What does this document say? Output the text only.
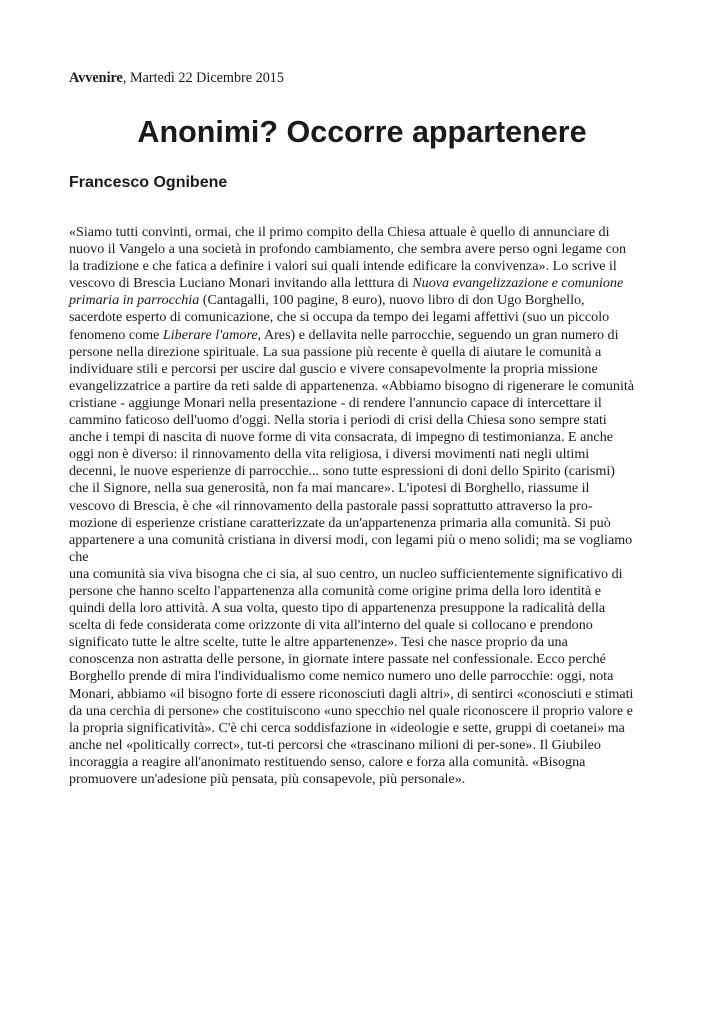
Avvenire, Martedì 22 Dicembre 2015
Anonimi? Occorre appartenere
Francesco Ognibene
«Siamo tutti convinti, ormai, che il primo compito della Chiesa attuale è quello di annunciare di
nuovo il Vangelo a una società in profondo cambiamento, che sembra avere perso ogni legame con
la tradizione e che fatica a definire i valori sui quali intende edificare la convivenza». Lo scrive il
vescovo di Brescia Luciano Monari invitando alla letttura di Nuova evangelizzazione e comunione
primaria in parrocchia (Cantagalli, 100 pagine, 8 euro), nuovo libro di don Ugo Borghello,
sacerdote esperto di comunicazione, che si occupa da tempo dei legami affettivi (suo un piccolo
fenomeno come Liberare l'amore, Ares) e dellavita nelle parrocchie, seguendo un gran numero di
persone nella direzione spirituale. La sua passione più recente è quella di aiutare le comunità a
individuare stili e percorsi per uscire dal guscio e vivere consapevolmente la propria missione
evangelizzatrice a partire da reti salde di appartenenza. «Abbiamo bisogno di rigenerare le comunità
cristiane - aggiunge Monari nella presentazione - di rendere l'annuncio capace di intercettare il
cammino faticoso dell'uomo d'oggi. Nella storia i periodi di crisi della Chiesa sono sempre stati
anche i tempi di nascita di nuove forme di vita consacrata, di impegno di testimonianza. E anche
oggi non è diverso: il rinnovamento della vita religiosa, i diversi movimenti nati negli ultimi
decenni, le nuove esperienze di parrocchie... sono tutte espressioni di doni dello Spirito (carismi)
che il Signore, nella sua generosità, non fa mai mancare». L'ipotesi di Borghello, riassume il
vescovo di Brescia, è che «il rinnovamento della pastorale passi soprattutto attraverso la pro-
mozione di esperienze cristiane caratterizzate da un'appartenenza primaria alla comunità. Si può
appartenere a una comunità cristiana in diversi modi, con legami più o meno solidi; ma se vogliamo
che
una comunità sia viva bisogna che ci sia, al suo centro, un nucleo sufficientemente significativo di
persone che hanno scelto l'appartenenza alla comunità come origine prima della loro identità e
quindi della loro attività. A sua volta, questo tipo di appartenenza presuppone la radicalità della
scelta di fede considerata come orizzonte di vita all'interno del quale si collocano e prendono
significato tutte le altre scelte, tutte le altre appartenenze». Tesi che nasce proprio da una
conoscenza non astratta delle persone, in giornate intere passate nel confessionale. Ecco perché
Borghello prende di mira l'individualismo come nemico numero uno delle parrocchie: oggi, nota
Monari, abbiamo «il bisogno forte di essere riconosciuti dagli altri», di sentirci «conosciuti e stimati
da una cerchia di persone» che costituiscono «uno specchio nel quale riconoscere il proprio valore e
la propria significatività». C'è chi cerca soddisfazione in «ideologie e sette, gruppi di coetanei» ma
anche nel «politically correct», tut-ti percorsi che «trascinano milioni di per-sone». Il Giubileo
incoraggia a reagire all'anonimato restituendo senso, calore e forza alla comunità. «Bisogna
promuovere un'adesione più pensata, più consapevole, più personale».
